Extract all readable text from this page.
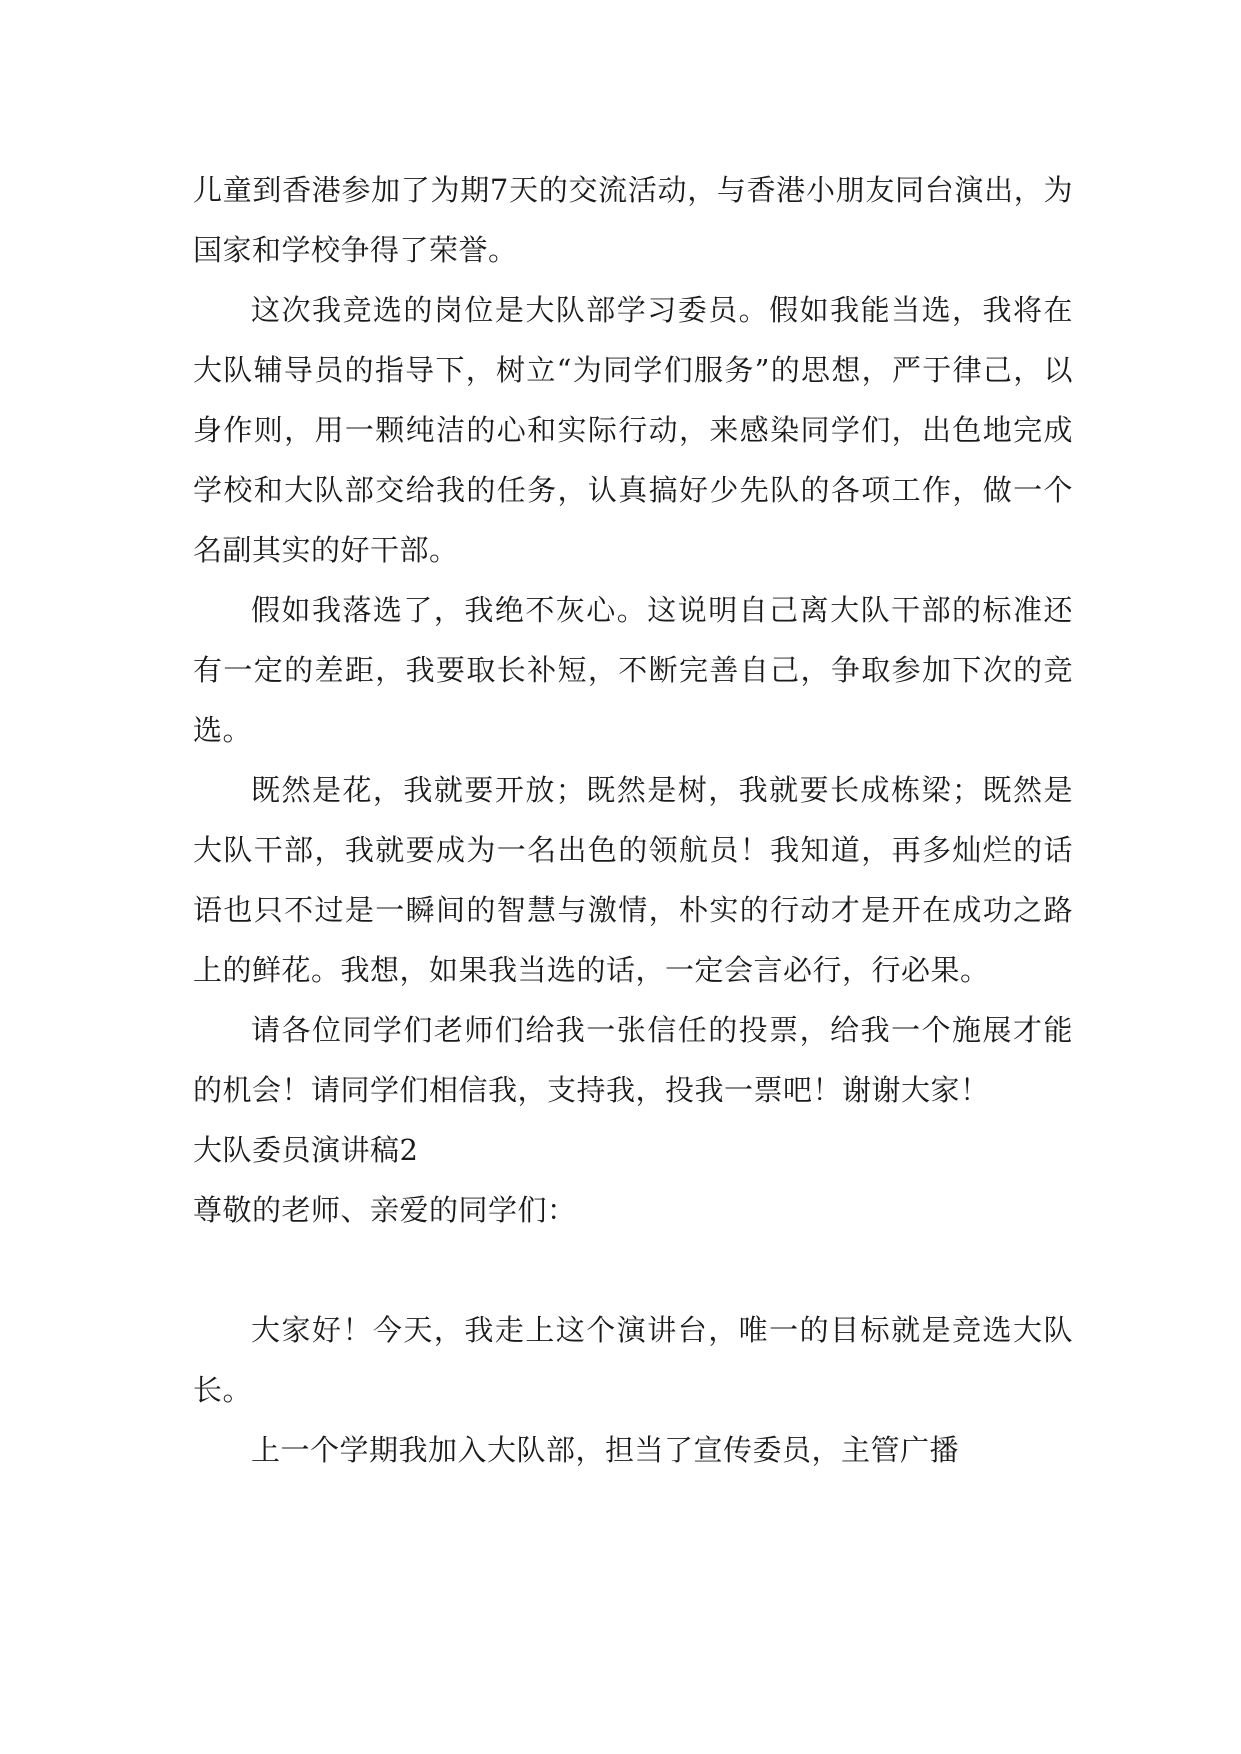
儿童到香港参加了为期7天的交流活动，与香港小朋友同台演出，为国家和学校争得了荣誉。

这次我竞选的岗位是大队部学习委员。假如我能当选，我将在大队辅导员的指导下，树立“为同学们服务”的思想，严于律己，以身作则，用一颗纯洁的心和实际行动，来感染同学们，出色地完成学校和大队部交给我的任务，认真搞好少先队的各项工作，做一个名副其实的好干部。

假如我落选了，我绝不灰心。这说明自己离大队干部的标准还有一定的差距，我要取长补短，不断完善自己，争取参加下次的竞选。

既然是花，我就要开放；既然是树，我就要长成栋梁；既然是大队干部，我就要成为一名出色的领航员！我知道，再多灿烂的话语也只不过是一瞬间的智慧与激情，朴实的行动才是开在成功之路上的鲜花。我想，如果我当选的话，一定会言必行，行必果。

请各位同学们老师们给我一张信任的投票，给我一个施展才能的机会！请同学们相信我，支持我，投我一票吧！谢谢大家！

大队委员演讲稿2

尊敬的老师、亲爱的同学们：

大家好！今天，我走上这个演讲台，唯一的目标就是竞选大队长。

上一个学期我加入大队部，担当了宣传委员，主管广播
